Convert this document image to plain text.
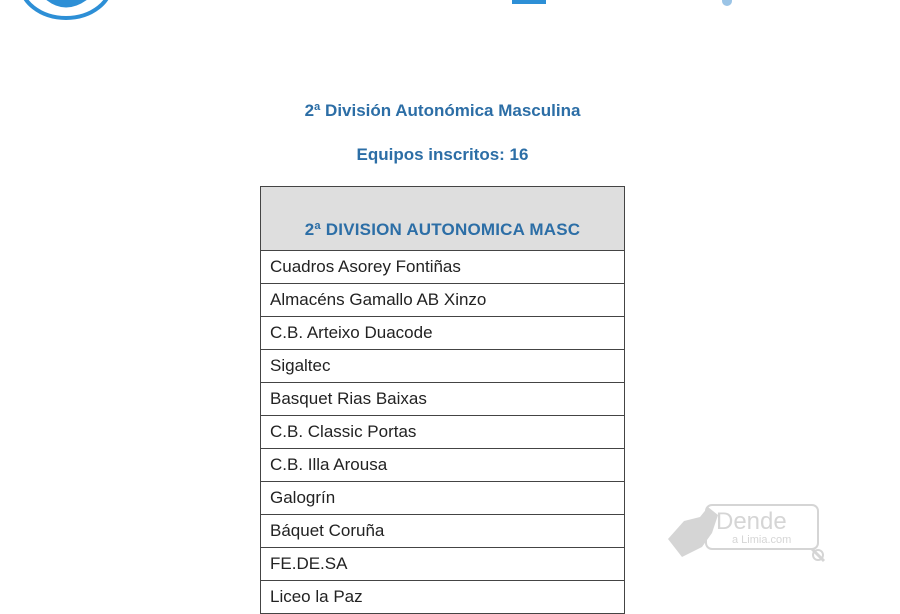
2ª División Autonómica Masculina
Equipos inscritos: 16
2ª DIVISION AUTONOMICA MASC
Cuadros Asorey Fontiñas
Almacéns Gamallo AB Xinzo
C.B. Arteixo Duacode
Sigaltec
Basquet Rias Baixas
C.B. Classic Portas
C.B. Illa Arousa
Galogrín
Báquet Coruña
FE.DE.SA
Liceo la Paz
Dende
a Limia.com
